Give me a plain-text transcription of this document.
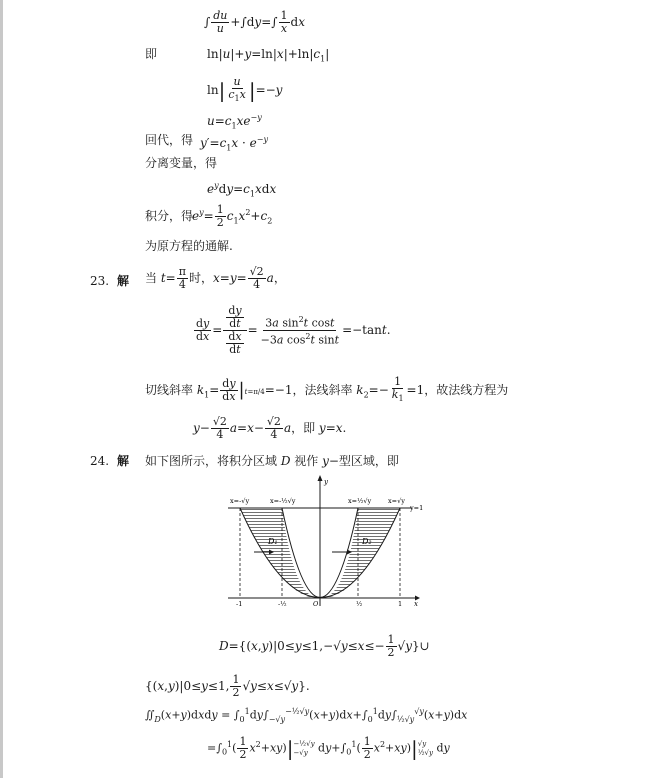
∫ $\frac{du}{u} +\int dy=\int \frac{1}{x}$ dx
即	$\ln|u|+y=\ln|x|+\ln|c_1|$
$\ln| \frac{u}{c_1x} |=-y$
$u=c_1xe^{-y}$
回代，得 $y'=c_1x \cdot e^{-y}$
分离变量，得
$e^ydy=c_1xdx$
积分，得
$e^y= \frac{1}{2} c_1x^2+c_2$
为原方程的通解.
23. 解 当 $t= \frac{\pi}{4}$ 时，$x=y= \frac{√2}{4}$ a，
$\frac{dy}{dx} = \frac{\frac{dy}{dt}}{\frac{dx}{dt}} = \frac{3a \sin^2t \cos t}{-3a \cos^2t \sin t} =-\tan t$.
切线斜率 $k_1= \frac{dy}{dx} |t=\pi/4=-1$，法线斜率 $k_2=- \frac{1}{k_1} =1$，故法线方程为
$y- \frac{√2}{4} a=x- \frac{√2}{4}$ a，即 y=x.
24. 解 如下图所示，将积分区域 D 视作 y−型区域，即
x=-√y	x=-½√y	x=½√y	x=√y
y=1
D₁	D₂
y
x
-1	-½	O	½	1
$D=\{(x,y)|0\le y\le 1,-√y\le x\le- \frac{1}{2}$ √y}∪
{(x,y)|0≤y≤1, $\frac{1}{2} √y\le x\le√y$}.
$∬_D(x+y)dxdy = \int_0^1dy\int_{-√y}^{-\frac{1}{2}√y}(x+y)dx+\int_0^1dy\int_{\frac{1}{2}√y}^{√y}(x+y)dx$
$=\int_0^1( \frac{1}{2} x^2+xy)|$ −½√y
−√y $dy+\int_0^1( \frac{1}{2} x^2+xy)|$ √y
½√y dy
